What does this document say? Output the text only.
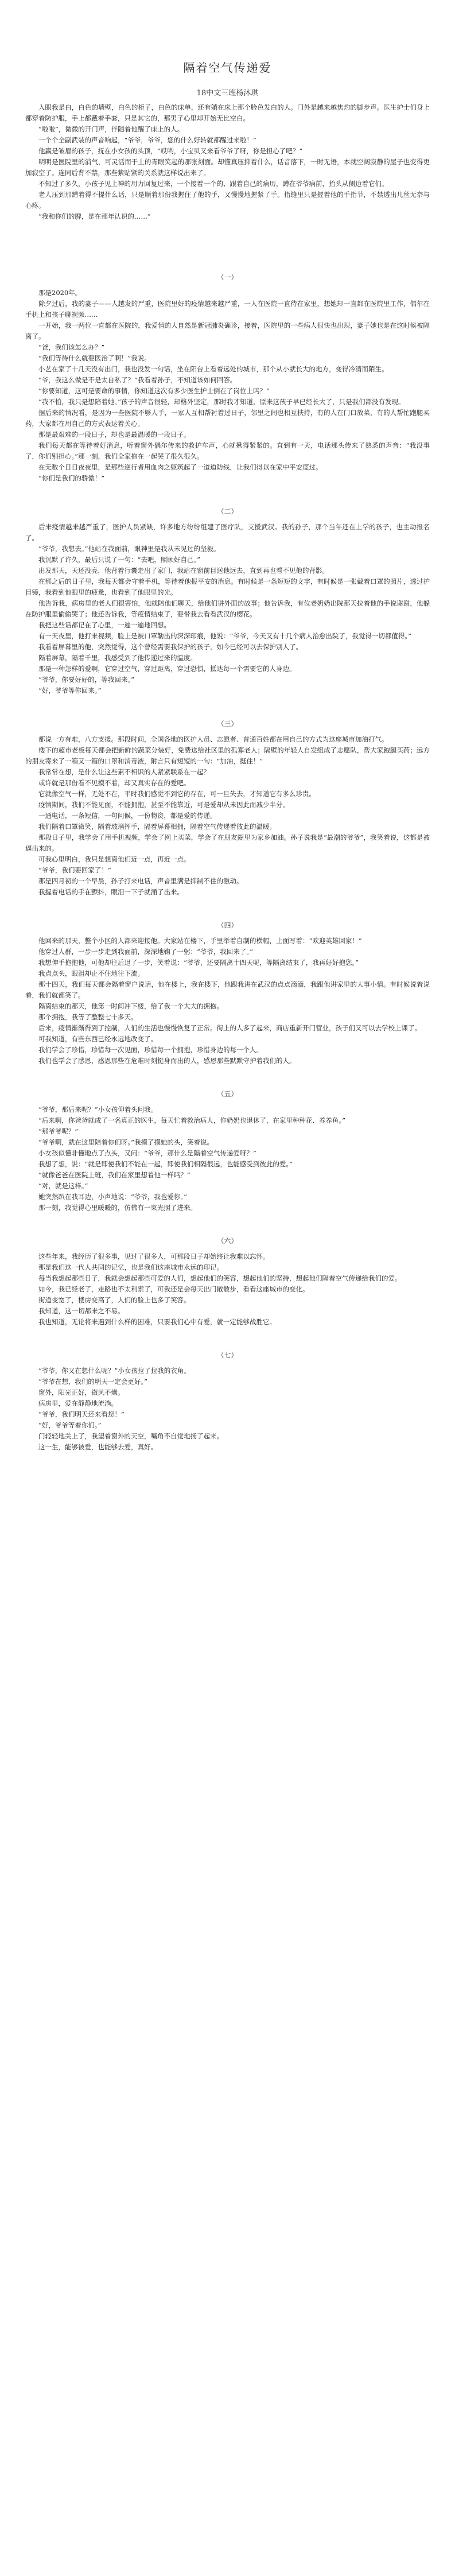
隔着空气传递爱
18中文三班杨沐琪

入眼我是白，白色的墙壁，白色的柜子，白色的床单，还有躺在床上那个脸色发白的人。门外是越来越焦灼的脚步声。医生护士们身上都穿着防护服，手上都戴着手套，只是其它的，那男子心里却开始无比空白。

“啦啦”，微微的开门声，伴随着他醒了床上的人。

一个个全副武装的声音响起，“爷爷，爷爷，您的什么好转就都醒过来啦！”

他赢是皱眉的孩子，抚在小女孩的头顶，“哎哟，小宝贝又来看爷爷了呀，你是担心了吧？”

明明是医院里的消气，可灵活而于上的青眼笑起的那张刻面。却懂真压抑着什么，话音落下，一时无语，本就空阔寂静的屋子也变得更加寂空了。连同后背不禁，那些紫贴紧的关系就这样说出来了。

不知过了多久，小孩子见上神的用力回复过来，一个接着一个的、跟着自己的病历，蹲在爷爷病前，抬头从侧边着它们。

老人压到那蹭着得不提什么话，只是顺着那份我握住了他的手，又慢慢地握紧了手。指缝里只是握着他的手指节，不禁透出几丝无奈与心疼。

“我和你们的脾，是在那年认识的……”

（一）

那是2020年。

除夕过后，我的妻子——人越发的严重，医院里好的疫情越来越严重，一人在医院一直待在家里，想她却一直都在医院里工作，偶尔在手机上和孩子聊视频……

一开始，我一两位一直都在医院的，我爱情的人自然是新冠肺炎确诊，接着，医院里的一些病人很快也出现，妻子她也是在这时候被隔离了。

“爸，我们该怎么办？”

“我们等待什么就要医治了啊！”我说。

小艺在家了十几天没有出门，我也没发一句话，坐在阳台上看着远处的城市，那个从小就长大的地方，变得冷清而陌生。

“爷，我这么做是不是太自私了？”我看着孙子，不知道该如何回答。

“你要知道，这可是要命的事情，你知道这次有多少医生护士倒在了岗位上吗？”

“我不怕，我只是想陪着她。”孩子的声音很轻，却格外坚定，那时我才知道，原来这孩子早已经长大了，只是我们都没有发现。

据后来的情况看，是因为一些医院不够人手，一家人互相帮衬着过日子，邻里之间也相互扶持，有的人在门口放菜，有的人帮忙跑腿买药，大家都在用自己的方式表达着关心。

那是最艰难的一段日子，却也是最温暖的一段日子。

我们每天都在等待着好消息，听着窗外偶尔传来的救护车声，心就揪得紧紧的。直到有一天，电话那头传来了熟悉的声音：“我没事了，你们别担心。”那一刻，我们全家抱在一起哭了很久很久。

在无数个日日夜夜里，是那些逆行者用血肉之躯筑起了一道道防线，让我们得以在家中平安度过。

“你们是我们的骄傲！”

（二）

后来疫情越来越严重了，医护人员紧缺，许多地方纷纷组建了医疗队，支援武汉。我的孙子，那个当年还在上学的孩子，也主动报名了。

“爷爷，我想去。”他站在我面前，眼神里是我从未见过的坚毅。

我沉默了许久，最后只说了一句：“去吧，照顾好自己。”

出发那天，天还没亮，他背着行囊走出了家门，我站在窗前目送他远去，直到再也看不见他的背影。

在那之后的日子里，我每天都会守着手机，等待着他报平安的消息。有时候是一条短短的文字，有时候是一张戴着口罩的照片，透过护目镜，我看到他眼里的疲惫，也看到了他眼里的光。

他告诉我，病房里的老人们很害怕，他就陪他们聊天，给他们讲外面的故事；他告诉我，有位老奶奶出院那天拉着他的手说谢谢，他躲在防护服里偷偷哭了；他还告诉我，等疫情结束了，要带我去看看武汉的樱花。

我把这些话都记在了心里，一遍一遍地回想。

有一天夜里，他打来视频，脸上是被口罩勒出的深深印痕，他说：“爷爷，今天又有十几个病人治愈出院了，我觉得一切都值得。”

我看着屏幕里的他，突然觉得，这个曾经需要我保护的孩子，如今已经可以去保护别人了。

隔着屏幕，隔着千里，我感受到了他传递过来的温度。

那是一种怎样的爱啊，它穿过空气，穿过距离，穿过恐惧，抵达每一个需要它的人身边。

“爷爷，你要好好的，等我回来。”

“好，爷爷等你回来。”

（三）

都说一方有难，八方支援。那段时间，全国各地的医护人员、志愿者、普通百姓都在用自己的方式为这座城市加油打气。

楼下的超市老板每天都会把新鲜的蔬菜分装好，免费送给社区里的孤寡老人；隔壁的年轻人自发组成了志愿队，帮大家跑腿买药；远方的朋友寄来了一箱又一箱的口罩和消毒液，附言只有短短的一句：“加油，挺住！”

我常常在想，是什么让这些素不相识的人紧紧联系在一起？

或许就是那份看不见摸不着，却又真实存在的爱吧。

它就像空气一样，无处不在，平时我们感觉不到它的存在，可一旦失去，才知道它有多么珍贵。

疫情期间，我们不能见面，不能拥抱，甚至不能靠近，可是爱却从未因此而减少半分。

一通电话，一条短信，一句问候，一份物资，都是爱的传递。

我们隔着口罩微笑，隔着玻璃挥手，隔着屏幕相拥，隔着空气传递着彼此的温暖。

那段日子里，我学会了用手机视频，学会了网上买菜，学会了在朋友圈里为家乡加油。孙子说我是“最潮的爷爷”，我笑着说，这都是被逼出来的。

可我心里明白，我只是想离他们近一点，再近一点。

“爷爷，我们要回家了！”

那是四月初的一个早晨，孙子打来电话，声音里满是抑制不住的激动。

我握着电话的手在颤抖，眼泪一下子就涌了出来。

（四）

他回来的那天，整个小区的人都来迎接他。大家站在楼下，手里举着自制的横幅，上面写着：“欢迎英雄回家！”

他穿过人群，一步一步走到我面前，深深地鞠了一躬：“爷爷，我回来了。”

我想伸手抱抱他，可他却往后退了一步，笑着说：“爷爷，还要隔离十四天呢，等隔离结束了，我再好好抱您。”

我点点头，眼泪却止不住地往下流。

那十四天，我们每天都会隔着窗户说话，他在楼上，我在楼下，他跟我讲在武汉的点点滴滴，我跟他讲家里的大事小情。有时候说着说着，我们就都笑了。

隔离结束的那天，他第一时间冲下楼，给了我一个大大的拥抱。

那个拥抱，我等了整整七十多天。

后来，疫情渐渐得到了控制，人们的生活也慢慢恢复了正常。街上的人多了起来，商店重新开门营业，孩子们又可以去学校上课了。

可我知道，有些东西已经永远地改变了。

我们学会了珍惜，珍惜每一次见面，珍惜每一个拥抱，珍惜身边的每一个人。

我们也学会了感恩，感恩那些在危难时刻挺身而出的人，感恩那些默默守护着我们的人。

（五）

“爷爷，那后来呢？”小女孩仰着头问我。

“后来啊，你爸爸就成了一名真正的医生，每天忙着救治病人，你奶奶也退休了，在家里种种花、养养鱼。”

“那爷爷呢？”

“爷爷啊，就在这里陪着你们呀。”我摸了摸她的头，笑着说。

小女孩似懂非懂地点了点头，又问：“爷爷，那什么是隔着空气传递爱呀？”

我想了想，说：“就是即使我们不能在一起，即使我们相隔很远，也能感受到彼此的爱。”

“就像爸爸在医院上班，我们在家里想着他一样吗？”

“对，就是这样。”

她突然趴在我耳边，小声地说：“爷爷，我也爱你。”

那一刻，我觉得心里暖暖的，仿佛有一束光照了进来。

（六）

这些年来，我经历了很多事，见过了很多人，可那段日子却始终让我难以忘怀。

那是我们这一代人共同的记忆，也是我们这座城市永远的印记。

每当我想起那些日子，我就会想起那些可爱的人们，想起他们的笑容，想起他们的坚持，想起他们隔着空气传递给我们的爱。

如今，我已经老了，走路也不太利索了，可我还是会每天出门散散步，看看这座城市的变化。

街道变宽了，楼房变高了，人们的脸上也多了笑容。

我知道，这一切都来之不易。

我也知道，无论将来遇到什么样的困难，只要我们心中有爱，就一定能够战胜它。

（七）

“爷爷，你又在想什么呢？”小女孩拉了拉我的衣角。

“爷爷在想，我们的明天一定会更好。”

窗外，阳光正好，微风不燥。

病房里，爱在静静地流淌。

“爷爷，我们明天还来看您！”

“好，爷爷等着你们。”

门轻轻地关上了，我望着窗外的天空，嘴角不自觉地扬了起来。

这一生，能够被爱，也能够去爱，真好。
